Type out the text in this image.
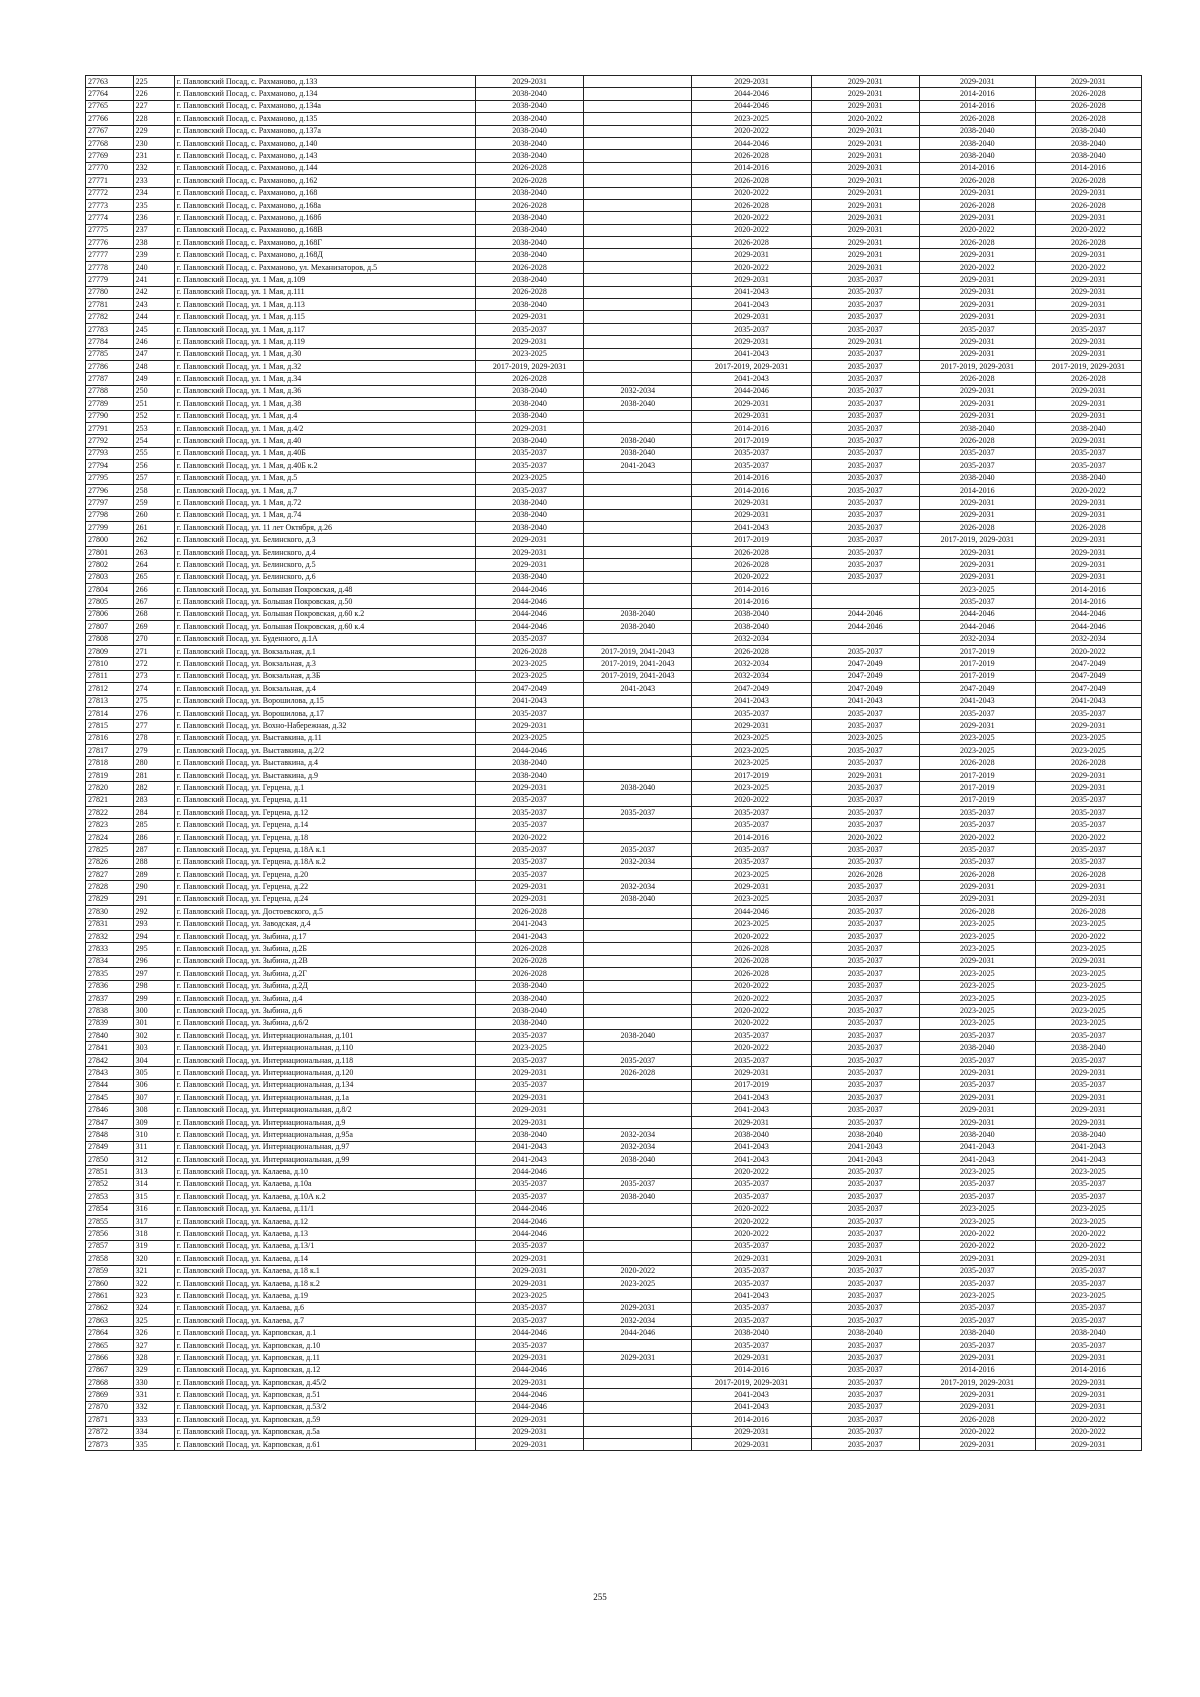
27763	225	г. Павловский Посад, с. Рахманово, д.133	2029-2031		2029-2031	2029-2031	2029-2031	2029-2031
27764	226	г. Павловский Посад, с. Рахманово, д.134	2038-2040		2044-2046	2029-2031	2014-2016	2026-2028
27765	227	г. Павловский Посад, с. Рахманово, д.134а	2038-2040		2044-2046	2029-2031	2014-2016	2026-2028
27766	228	г. Павловский Посад, с. Рахманово, д.135	2038-2040		2023-2025	2020-2022	2026-2028	2026-2028
27767	229	г. Павловский Посад, с. Рахманово, д.137а	2038-2040		2020-2022	2029-2031	2038-2040	2038-2040
27768	230	г. Павловский Посад, с. Рахманово, д.140	2038-2040		2044-2046	2029-2031	2038-2040	2038-2040
27769	231	г. Павловский Посад, с. Рахманово, д.143	2038-2040		2026-2028	2029-2031	2038-2040	2038-2040
27770	232	г. Павловский Посад, с. Рахманово, д.144	2026-2028		2014-2016	2029-2031	2014-2016	2014-2016
27771	233	г. Павловский Посад, с. Рахманово, д.162	2026-2028		2026-2028	2029-2031	2026-2028	2026-2028
27772	234	г. Павловский Посад, с. Рахманово, д.168	2038-2040		2020-2022	2029-2031	2029-2031	2029-2031
27773	235	г. Павловский Посад, с. Рахманово, д.168а	2026-2028		2026-2028	2029-2031	2026-2028	2026-2028
27774	236	г. Павловский Посад, с. Рахманово, д.168б	2038-2040		2020-2022	2029-2031	2029-2031	2029-2031
27775	237	г. Павловский Посад, с. Рахманово, д.168В	2038-2040		2020-2022	2029-2031	2020-2022	2020-2022
27776	238	г. Павловский Посад, с. Рахманово, д.168Г	2038-2040		2026-2028	2029-2031	2026-2028	2026-2028
27777	239	г. Павловский Посад, с. Рахманово, д.168Д	2038-2040		2029-2031	2029-2031	2029-2031	2029-2031
27778	240	г. Павловский Посад, с. Рахманово, ул. Механизаторов, д.5	2026-2028		2020-2022	2029-2031	2020-2022	2020-2022
27779	241	г. Павловский Посад, ул. 1 Мая, д.109	2038-2040		2029-2031	2035-2037	2029-2031	2029-2031
27780	242	г. Павловский Посад, ул. 1 Мая, д.111	2026-2028		2041-2043	2035-2037	2029-2031	2029-2031
27781	243	г. Павловский Посад, ул. 1 Мая, д.113	2038-2040		2041-2043	2035-2037	2029-2031	2029-2031
27782	244	г. Павловский Посад, ул. 1 Мая, д.115	2029-2031		2029-2031	2035-2037	2029-2031	2029-2031
27783	245	г. Павловский Посад, ул. 1 Мая, д.117	2035-2037		2035-2037	2035-2037	2035-2037	2035-2037
27784	246	г. Павловский Посад, ул. 1 Мая, д.119	2029-2031		2029-2031	2029-2031	2029-2031	2029-2031
27785	247	г. Павловский Посад, ул. 1 Мая, д.30	2023-2025		2041-2043	2035-2037	2029-2031	2029-2031
27786	248	г. Павловский Посад, ул. 1 Мая, д.32	2017-2019, 2029-2031		2017-2019, 2029-2031	2035-2037	2017-2019, 2029-2031	2017-2019, 2029-2031
27787	249	г. Павловский Посад, ул. 1 Мая, д.34	2026-2028		2041-2043	2035-2037	2026-2028	2026-2028
27788	250	г. Павловский Посад, ул. 1 Мая, д.36	2038-2040	2032-2034	2044-2046	2035-2037	2029-2031	2029-2031
27789	251	г. Павловский Посад, ул. 1 Мая, д.38	2038-2040	2038-2040	2029-2031	2035-2037	2029-2031	2029-2031
27790	252	г. Павловский Посад, ул. 1 Мая, д.4	2038-2040		2029-2031	2035-2037	2029-2031	2029-2031
27791	253	г. Павловский Посад, ул. 1 Мая, д.4/2	2029-2031		2014-2016	2035-2037	2038-2040	2038-2040
27792	254	г. Павловский Посад, ул. 1 Мая, д.40	2038-2040	2038-2040	2017-2019	2035-2037	2026-2028	2029-2031
27793	255	г. Павловский Посад, ул. 1 Мая, д.40Б	2035-2037	2038-2040	2035-2037	2035-2037	2035-2037	2035-2037
27794	256	г. Павловский Посад, ул. 1 Мая, д.40Б к.2	2035-2037	2041-2043	2035-2037	2035-2037	2035-2037	2035-2037
27795	257	г. Павловский Посад, ул. 1 Мая, д.5	2023-2025		2014-2016	2035-2037	2038-2040	2038-2040
27796	258	г. Павловский Посад, ул. 1 Мая, д.7	2035-2037		2014-2016	2035-2037	2014-2016	2020-2022
27797	259	г. Павловский Посад, ул. 1 Мая, д.72	2038-2040		2029-2031	2035-2037	2029-2031	2029-2031
27798	260	г. Павловский Посад, ул. 1 Мая, д.74	2038-2040		2029-2031	2035-2037	2029-2031	2029-2031
27799	261	г. Павловский Посад, ул. 11 лет Октября, д.26	2038-2040		2041-2043	2035-2037	2026-2028	2026-2028
27800	262	г. Павловский Посад, ул. Белинского, д.3	2029-2031		2017-2019	2035-2037	2017-2019, 2029-2031	2029-2031
27801	263	г. Павловский Посад, ул. Белинского, д.4	2029-2031		2026-2028	2035-2037	2029-2031	2029-2031
27802	264	г. Павловский Посад, ул. Белинского, д.5	2029-2031		2026-2028	2035-2037	2029-2031	2029-2031
27803	265	г. Павловский Посад, ул. Белинского, д.6	2038-2040		2020-2022	2035-2037	2029-2031	2029-2031
27804	266	г. Павловский Посад, ул. Большая Покровская, д.48	2044-2046		2014-2016		2023-2025	2014-2016
27805	267	г. Павловский Посад, ул. Большая Покровская, д.50	2044-2046		2014-2016		2035-2037	2014-2016
27806	268	г. Павловский Посад, ул. Большая Покровская, д.60 к.2	2044-2046	2038-2040	2038-2040	2044-2046	2044-2046	2044-2046
27807	269	г. Павловский Посад, ул. Большая Покровская, д.60 к.4	2044-2046	2038-2040	2038-2040	2044-2046	2044-2046	2044-2046
27808	270	г. Павловский Посад, ул. Буденного, д.1А	2035-2037		2032-2034		2032-2034	2032-2034
27809	271	г. Павловский Посад, ул. Вокзальная, д.1	2026-2028	2017-2019, 2041-2043	2026-2028	2035-2037	2017-2019	2020-2022
27810	272	г. Павловский Посад, ул. Вокзальная, д.3	2023-2025	2017-2019, 2041-2043	2032-2034	2047-2049	2017-2019	2047-2049
27811	273	г. Павловский Посад, ул. Вокзальная, д.3Б	2023-2025	2017-2019, 2041-2043	2032-2034	2047-2049	2017-2019	2047-2049
27812	274	г. Павловский Посад, ул. Вокзальная, д.4	2047-2049	2041-2043	2047-2049	2047-2049	2047-2049	2047-2049
27813	275	г. Павловский Посад, ул. Ворошилова, д.15	2041-2043		2041-2043	2041-2043	2041-2043	2041-2043
27814	276	г. Павловский Посад, ул. Ворошилова, д.17	2035-2037		2035-2037	2035-2037	2035-2037	2035-2037
27815	277	г. Павловский Посад, ул. Вохно-Набережная, д.32	2029-2031		2029-2031	2035-2037	2029-2031	2029-2031
27816	278	г. Павловский Посад, ул. Выставкина, д.11	2023-2025		2023-2025	2023-2025	2023-2025	2023-2025
27817	279	г. Павловский Посад, ул. Выставкина, д.2/2	2044-2046		2023-2025	2035-2037	2023-2025	2023-2025
27818	280	г. Павловский Посад, ул. Выставкина, д.4	2038-2040		2023-2025	2035-2037	2026-2028	2026-2028
27819	281	г. Павловский Посад, ул. Выставкина, д.9	2038-2040		2017-2019	2029-2031	2017-2019	2029-2031
27820	282	г. Павловский Посад, ул. Герцена, д.1	2029-2031	2038-2040	2023-2025	2035-2037	2017-2019	2029-2031
27821	283	г. Павловский Посад, ул. Герцена, д.11	2035-2037		2020-2022	2035-2037	2017-2019	2035-2037
27822	284	г. Павловский Посад, ул. Герцена, д.12	2035-2037	2035-2037	2035-2037	2035-2037	2035-2037	2035-2037
27823	285	г. Павловский Посад, ул. Герцена, д.14	2035-2037		2035-2037	2035-2037	2035-2037	2035-2037
27824	286	г. Павловский Посад, ул. Герцена, д.18	2020-2022		2014-2016	2020-2022	2020-2022	2020-2022
27825	287	г. Павловский Посад, ул. Герцена, д.18А к.1	2035-2037	2035-2037	2035-2037	2035-2037	2035-2037	2035-2037
27826	288	г. Павловский Посад, ул. Герцена, д.18А к.2	2035-2037	2032-2034	2035-2037	2035-2037	2035-2037	2035-2037
27827	289	г. Павловский Посад, ул. Герцена, д.20	2035-2037		2023-2025	2026-2028	2026-2028	2026-2028
27828	290	г. Павловский Посад, ул. Герцена, д.22	2029-2031	2032-2034	2029-2031	2035-2037	2029-2031	2029-2031
27829	291	г. Павловский Посад, ул. Герцена, д.24	2029-2031	2038-2040	2023-2025	2035-2037	2029-2031	2029-2031
27830	292	г. Павловский Посад, ул. Достоевского, д.5	2026-2028		2044-2046	2035-2037	2026-2028	2026-2028
27831	293	г. Павловский Посад, ул. Заводская, д.4	2041-2043		2023-2025	2035-2037	2023-2025	2023-2025
27832	294	г. Павловский Посад, ул. Зыбина, д.17	2041-2043		2020-2022	2035-2037	2023-2025	2020-2022
27833	295	г. Павловский Посад, ул. Зыбина, д.2Б	2026-2028		2026-2028	2035-2037	2023-2025	2023-2025
27834	296	г. Павловский Посад, ул. Зыбина, д.2В	2026-2028		2026-2028	2035-2037	2029-2031	2029-2031
27835	297	г. Павловский Посад, ул. Зыбина, д.2Г	2026-2028		2026-2028	2035-2037	2023-2025	2023-2025
27836	298	г. Павловский Посад, ул. Зыбина, д.2Д	2038-2040		2020-2022	2035-2037	2023-2025	2023-2025
27837	299	г. Павловский Посад, ул. Зыбина, д.4	2038-2040		2020-2022	2035-2037	2023-2025	2023-2025
27838	300	г. Павловский Посад, ул. Зыбина, д.6	2038-2040		2020-2022	2035-2037	2023-2025	2023-2025
27839	301	г. Павловский Посад, ул. Зыбина, д.6/2	2038-2040		2020-2022	2035-2037	2023-2025	2023-2025
27840	302	г. Павловский Посад, ул. Интернациональная, д.101	2035-2037	2038-2040	2035-2037	2035-2037	2035-2037	2035-2037
27841	303	г. Павловский Посад, ул. Интернациональная, д.110	2023-2025		2020-2022	2035-2037	2038-2040	2038-2040
27842	304	г. Павловский Посад, ул. Интернациональная, д.118	2035-2037	2035-2037	2035-2037	2035-2037	2035-2037	2035-2037
27843	305	г. Павловский Посад, ул. Интернациональная, д.120	2029-2031	2026-2028	2029-2031	2035-2037	2029-2031	2029-2031
27844	306	г. Павловский Посад, ул. Интернациональная, д.134	2035-2037		2017-2019	2035-2037	2035-2037	2035-2037
27845	307	г. Павловский Посад, ул. Интернациональная, д.1а	2029-2031		2041-2043	2035-2037	2029-2031	2029-2031
27846	308	г. Павловский Посад, ул. Интернациональная, д.8/2	2029-2031		2041-2043	2035-2037	2029-2031	2029-2031
27847	309	г. Павловский Посад, ул. Интернациональная, д.9	2029-2031		2029-2031	2035-2037	2029-2031	2029-2031
27848	310	г. Павловский Посад, ул. Интернациональная, д.95а	2038-2040	2032-2034	2038-2040	2038-2040	2038-2040	2038-2040
27849	311	г. Павловский Посад, ул. Интернациональная, д.97	2041-2043	2032-2034	2041-2043	2041-2043	2041-2043	2041-2043
27850	312	г. Павловский Посад, ул. Интернациональная, д.99	2041-2043	2038-2040	2041-2043	2041-2043	2041-2043	2041-2043
27851	313	г. Павловский Посад, ул. Калаева, д.10	2044-2046		2020-2022	2035-2037	2023-2025	2023-2025
27852	314	г. Павловский Посад, ул. Калаева, д.10а	2035-2037	2035-2037	2035-2037	2035-2037	2035-2037	2035-2037
27853	315	г. Павловский Посад, ул. Калаева, д.10А к.2	2035-2037	2038-2040	2035-2037	2035-2037	2035-2037	2035-2037
27854	316	г. Павловский Посад, ул. Калаева, д.11/1	2044-2046		2020-2022	2035-2037	2023-2025	2023-2025
27855	317	г. Павловский Посад, ул. Калаева, д.12	2044-2046		2020-2022	2035-2037	2023-2025	2023-2025
27856	318	г. Павловский Посад, ул. Калаева, д.13	2044-2046		2020-2022	2035-2037	2020-2022	2020-2022
27857	319	г. Павловский Посад, ул. Калаева, д.13/1	2035-2037		2035-2037	2035-2037	2020-2022	2020-2022
27858	320	г. Павловский Посад, ул. Калаева, д.14	2029-2031		2029-2031	2029-2031	2029-2031	2029-2031
27859	321	г. Павловский Посад, ул. Калаева, д.18 к.1	2029-2031	2020-2022	2035-2037	2035-2037	2035-2037	2035-2037
27860	322	г. Павловский Посад, ул. Калаева, д.18 к.2	2029-2031	2023-2025	2035-2037	2035-2037	2035-2037	2035-2037
27861	323	г. Павловский Посад, ул. Калаева, д.19	2023-2025		2041-2043	2035-2037	2023-2025	2023-2025
27862	324	г. Павловский Посад, ул. Калаева, д.6	2035-2037	2029-2031	2035-2037	2035-2037	2035-2037	2035-2037
27863	325	г. Павловский Посад, ул. Калаева, д.7	2035-2037	2032-2034	2035-2037	2035-2037	2035-2037	2035-2037
27864	326	г. Павловский Посад, ул. Карповская, д.1	2044-2046	2044-2046	2038-2040	2038-2040	2038-2040	2038-2040
27865	327	г. Павловский Посад, ул. Карповская, д.10	2035-2037		2035-2037	2035-2037	2035-2037	2035-2037
27866	328	г. Павловский Посад, ул. Карповская, д.11	2029-2031	2029-2031	2029-2031	2035-2037	2029-2031	2029-2031
27867	329	г. Павловский Посад, ул. Карповская, д.12	2044-2046		2014-2016	2035-2037	2014-2016	2014-2016
27868	330	г. Павловский Посад, ул. Карповская, д.45/2	2029-2031		2017-2019, 2029-2031	2035-2037	2017-2019, 2029-2031	2029-2031
27869	331	г. Павловский Посад, ул. Карповская, д.51	2044-2046		2041-2043	2035-2037	2029-2031	2029-2031
27870	332	г. Павловский Посад, ул. Карповская, д.53/2	2044-2046		2041-2043	2035-2037	2029-2031	2029-2031
27871	333	г. Павловский Посад, ул. Карповская, д.59	2029-2031		2014-2016	2035-2037	2026-2028	2020-2022
27872	334	г. Павловский Посад, ул. Карповская, д.5а	2029-2031		2029-2031	2035-2037	2020-2022	2020-2022
27873	335	г. Павловский Посад, ул. Карповская, д.61	2029-2031		2029-2031	2035-2037	2029-2031	2029-2031
255
